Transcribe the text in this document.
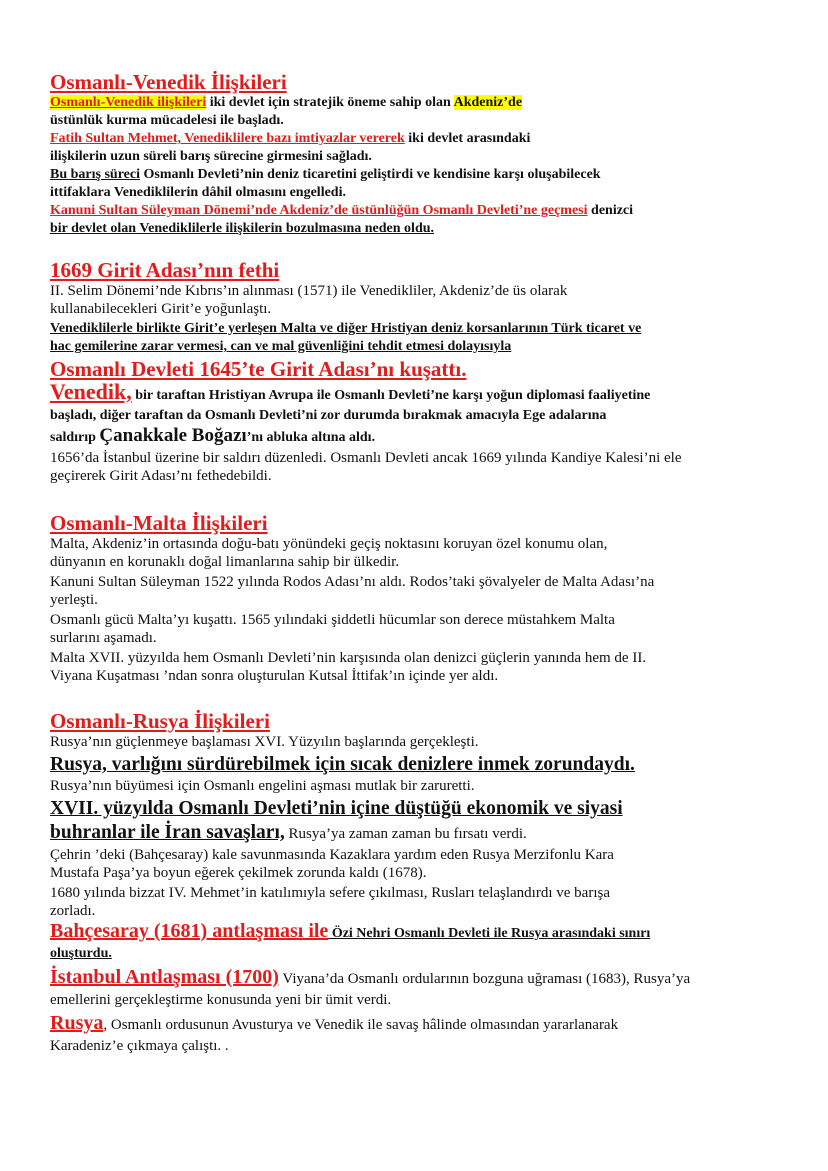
Osmanlı-Venedik İlişkileri

Osmanlı-Venedik ilişkileri iki devlet için stratejik öneme sahip olan Akdeniz’de

üstünlük kurma mücadelesi ile başladı.

Fatih Sultan Mehmet, Venediklilere bazı imtiyazlar vererek iki devlet arasındaki

ilişkilerin uzun süreli barış sürecine girmesini sağladı.

Bu barış süreci Osmanlı Devleti’nin deniz ticaretini geliştirdi ve kendisine karşı oluşabilecek

ittifaklara Venediklilerin dâhil olmasını engelledi.

Kanuni Sultan Süleyman Dönemi’nde Akdeniz’de üstünlüğün Osmanlı Devleti’ne geçmesi denizci

bir devlet olan Venediklilerle ilişkilerin bozulmasına neden oldu.

1669 Girit Adası’nın fethi

II. Selim Dönemi’nde Kıbrıs’ın alınması (1571) ile Venedikliler, Akdeniz’de üs olarak

kullanabilecekleri Girit’e yoğunlaştı.

Venediklilerle birlikte Girit’e yerleşen Malta ve diğer Hristiyan deniz korsanlarının Türk ticaret ve

hac gemilerine zarar vermesi, can ve mal güvenliğini tehdit etmesi dolayısıyla

Osmanlı Devleti 1645’te Girit Adası’nı kuşattı.

Venedik, bir taraftan Hristiyan Avrupa ile Osmanlı Devleti’ne karşı yoğun diplomasi faaliyetine

başladı, diğer taraftan da Osmanlı Devleti’ni zor durumda bırakmak amacıyla Ege adalarına

saldırıp Çanakkale Boğazı’nı abluka altına aldı.

1656’da İstanbul üzerine bir saldırı düzenledi. Osmanlı Devleti ancak 1669 yılında Kandiye Kalesi’ni ele

geçirerek Girit Adası’nı fethedebildi.

Osmanlı-Malta İlişkileri

Malta, Akdeniz’in ortasında doğu-batı yönündeki geçiş noktasını koruyan özel konumu olan,

dünyanın en korunaklı doğal limanlarına sahip bir ülkedir.

Kanuni Sultan Süleyman 1522 yılında Rodos Adası’nı aldı. Rodos’taki şövalyeler de Malta Adası’na

yerleşti.

Osmanlı gücü Malta’yı kuşattı. 1565 yılındaki şiddetli hücumlar son derece müstahkem Malta

surlarını aşamadı.

Malta XVII. yüzyılda hem Osmanlı Devleti’nin karşısında olan denizci güçlerin yanında hem de II.

Viyana Kuşatması ’ndan sonra oluşturulan Kutsal İttifak’ın içinde yer aldı.

Osmanlı-Rusya İlişkileri

Rusya’nın güçlenmeye başlaması XVI. Yüzyılın başlarında gerçekleşti.

Rusya, varlığını sürdürebilmek için sıcak denizlere inmek zorundaydı.

Rusya’nın büyümesi için Osmanlı engelini aşması mutlak bir zaruretti.

XVII. yüzyılda Osmanlı Devleti’nin içine düştüğü ekonomik ve siyasi

buhranlar ile İran savaşları, Rusya’ya zaman zaman bu fırsatı verdi.

Çehrin ’deki (Bahçesaray) kale savunmasında Kazaklara yardım eden Rusya Merzifonlu Kara

Mustafa Paşa’ya boyun eğerek çekilmek zorunda kaldı (1678).

1680 yılında bizzat IV. Mehmet’in katılımıyla sefere çıkılması, Rusları telaşlandırdı ve barışa

zorladı.

Bahçesaray (1681) antlaşması ile Özi Nehri Osmanlı Devleti ile Rusya arasındaki sınırı

oluşturdu.

İstanbul Antlaşması (1700) Viyana’da Osmanlı ordularının bozguna uğraması (1683), Rusya’ya

emellerini gerçekleştirme konusunda yeni bir ümit verdi.

Rusya, Osmanlı ordusunun Avusturya ve Venedik ile savaş hâlinde olmasından yararlanarak

Karadeniz’e çıkmaya çalıştı. .
